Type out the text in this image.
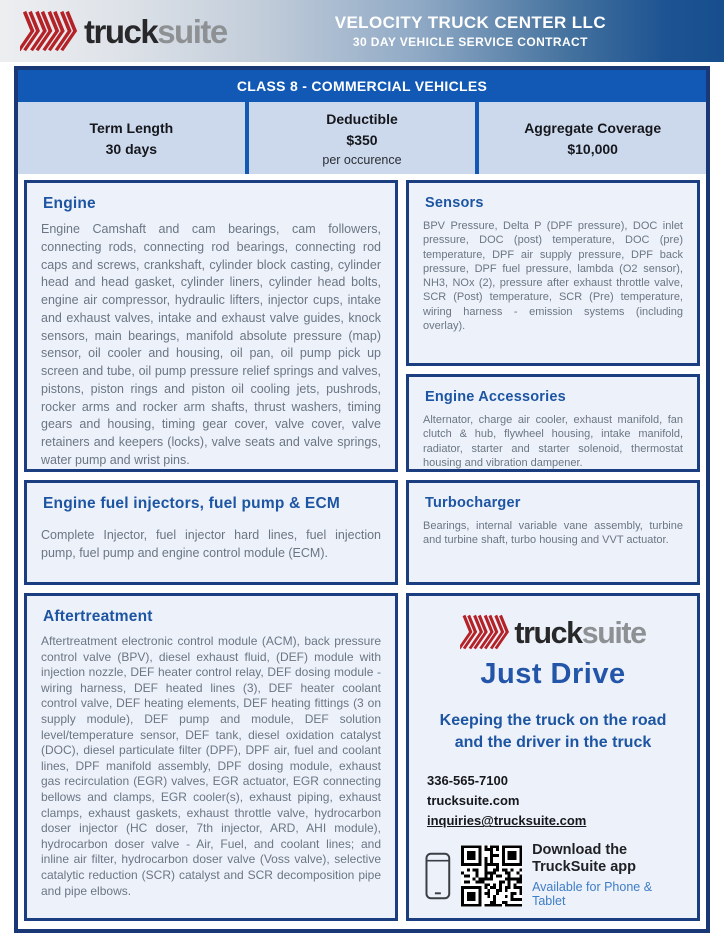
trucksuite	VELOCITY TRUCK CENTER LLC
30 DAY VEHICLE SERVICE CONTRACT
CLASS 8 - COMMERCIAL VEHICLES
Term Length
30 days
Deductible
$350
per occurence
Aggregate Coverage
$10,000
Engine

Engine Camshaft and cam bearings, cam followers, connecting rods, connecting rod bearings, connecting rod caps and screws, crankshaft, cylinder block casting, cylinder head and head gasket, cylinder liners, cylinder head bolts, engine air compressor, hydraulic lifters, injector cups, intake and exhaust valves, intake and exhaust valve guides, knock sensors, main bearings, manifold absolute pressure (map) sensor, oil cooler and housing, oil pan, oil pump pick up screen and tube, oil pump pressure relief springs and valves, pistons, piston rings and piston oil cooling jets, pushrods, rocker arms and rocker arm shafts, thrust washers, timing gears and housing, timing gear cover, valve cover, valve retainers and keepers (locks), valve seats and valve springs, water pump and wrist pins.

Sensors

BPV Pressure, Delta P (DPF pressure), DOC inlet pressure, DOC (post) temperature, DOC (pre) temperature, DPF air supply pressure, DPF back pressure, DPF fuel pressure, lambda (O2 sensor), NH3, NOx (2), pressure after exhaust throttle valve, SCR (Post) temperature, SCR (Pre) temperature, wiring harness - emission systems (including overlay).

Engine Accessories

Alternator, charge air cooler, exhaust manifold, fan clutch & hub, flywheel housing, intake manifold, radiator, starter and starter solenoid, thermostat housing and vibration dampener.

Engine fuel injectors, fuel pump & ECM

Complete Injector, fuel injector hard lines, fuel injection pump, fuel pump and engine control module (ECM).

Turbocharger

Bearings, internal variable vane assembly, turbine and turbine shaft, turbo housing and VVT actuator.

Aftertreatment

Aftertreatment electronic control module (ACM), back pressure control valve (BPV), diesel exhaust fluid, (DEF) module with injection nozzle, DEF heater control relay, DEF dosing module - wiring harness, DEF heated lines (3), DEF heater coolant control valve, DEF heating elements, DEF heating fittings (3 on supply module), DEF pump and module, DEF solution level/temperature sensor, DEF tank, diesel oxidation catalyst (DOC), diesel particulate filter (DPF), DPF air, fuel and coolant lines, DPF manifold assembly, DPF dosing module, exhaust gas recirculation (EGR) valves, EGR actuator, EGR connecting bellows and clamps, EGR cooler(s), exhaust piping, exhaust clamps, exhaust gaskets, exhaust throttle valve, hydrocarbon doser injector (HC doser, 7th injector, ARD, AHI module), hydrocarbon doser valve - Air, Fuel, and coolant lines; and inline air filter, hydrocarbon doser valve (Voss valve), selective catalytic reduction (SCR) catalyst and SCR decomposition pipe and pipe elbows.

trucksuite
Just Drive
Keeping the truck on the road
and the driver in the truck
336-565-7100
trucksuite.com
inquiries@trucksuite.com
Download the
TruckSuite app
Available for Phone & Tablet
